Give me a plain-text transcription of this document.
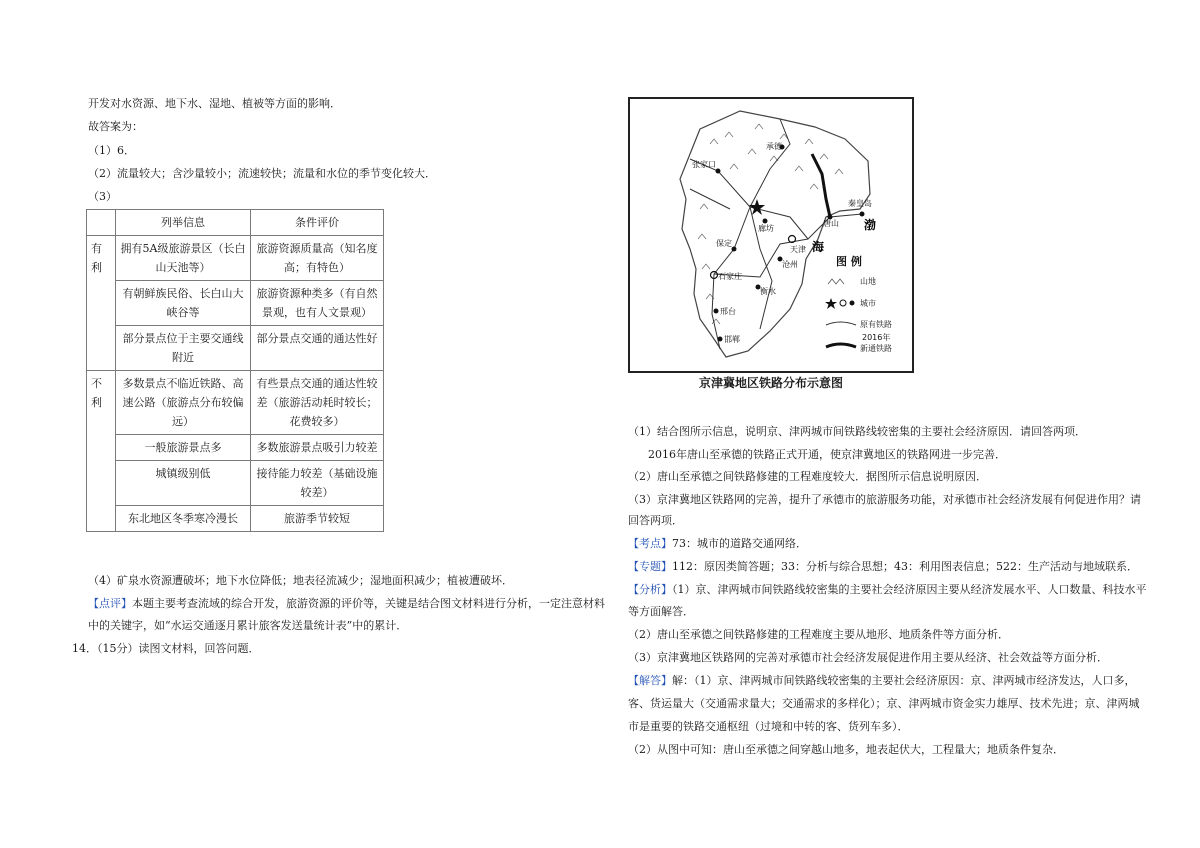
开发对水资源、地下水、湿地、植被等方面的影响．
故答案为：
（1）6．
（2）流量较大；含沙量较小；流速较快；流量和水位的季节变化较大．
（3）
	列举信息	条件评价
有利	拥有5A级旅游景区（长白山天池等）	旅游资源质量高（知名度高；有特色）
	有朝鲜族民俗、长白山大峡谷等	旅游资源种类多（有自然景观，也有人文景观）
	部分景点位于主要交通线附近	部分景点交通的通达性好
不利	多数景点不临近铁路、高速公路（旅游点分布较偏远）	有些景点交通的通达性较差（旅游活动耗时较长；花费较多）
	一般旅游景点多	多数旅游景点吸引力较差
	城镇级别低	接待能力较差（基础设施较差）
	东北地区冬季寒冷漫长	旅游季节较短
（4）矿泉水资源遭破坏；地下水位降低；地表径流减少；湿地面积减少；植被遭破坏．
【点评】本题主要考查流域的综合开发，旅游资源的评价等，关键是结合图文材料进行分析，一定注意材料
中的关键字，如“水运交通逐月累计旅客发送量统计表”中的累计．
14．（15分）读图文材料，回答问题．
张家口
承德
唐山
秦皇岛
保定
天津
廊坊
石家庄
沧州
衡水
邢台
邯郸
海
渤
图 例
山地
城市
原有铁路
2016年
新通铁路
京津冀地区铁路分布示意图
（1）结合图所示信息，说明京、津两城市间铁路线较密集的主要社会经济原因．请回答两项．
2016年唐山至承德的铁路正式开通，使京津冀地区的铁路网进一步完善．
（2）唐山至承德之间铁路修建的工程难度较大．据图所示信息说明原因．
（3）京津冀地区铁路网的完善，提升了承德市的旅游服务功能，对承德市社会经济发展有何促进作用？请
回答两项．
【考点】73：城市的道路交通网络．
【专题】112：原因类简答题；33：分析与综合思想；43：利用图表信息；522：生产活动与地域联系．
【分析】（1）京、津两城市间铁路线较密集的主要社会经济原因主要从经济发展水平、人口数量、科技水平
等方面解答．
（2）唐山至承德之间铁路修建的工程难度主要从地形、地质条件等方面分析．
（3）京津冀地区铁路网的完善对承德市社会经济发展促进作用主要从经济、社会效益等方面分析．
【解答】解：（1）京、津两城市间铁路线较密集的主要社会经济原因：京、津两城市经济发达，人口多，
客、货运量大（交通需求量大；交通需求的多样化）；京、津两城市资金实力雄厚、技术先进；京、津两城
市是重要的铁路交通枢纽（过境和中转的客、货列车多）．
（2）从图中可知：唐山至承德之间穿越山地多，地表起伏大，工程量大；地质条件复杂．
